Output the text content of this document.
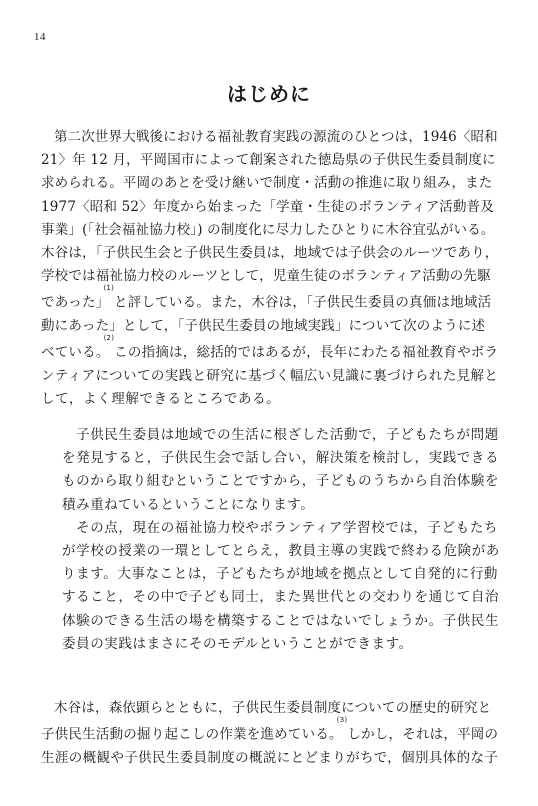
14
はじめに
第二次世界大戦後における福祉教育実践の源流のひとつは，1946〈昭和
21〉年 12 月，平岡国市によって創案された徳島県の子供民生委員制度に
求められる。平岡のあとを受け継いで制度・活動の推進に取り組み，また
1977〈昭和 52〉年度から始まった「学童・生徒のボランティア活動普及
事業」(「社会福祉協力校」) の制度化に尽力したひとりに木谷宜弘がいる。
木谷は，「子供民生会と子供民生委員は，地域では子供会のルーツであり，
学校では福祉協力校のルーツとして，児童生徒のボランティア活動の先駆
であった」$^{(1)}$と評している。また，木谷は，「子供民生委員の真価は地域活
動にあった」として，「子供民生委員の地域実践」について次のように述
べている。$^{(2)}$この指摘は，総括的ではあるが，長年にわたる福祉教育やボラ
ンティアについての実践と研究に基づく幅広い見識に裏づけられた見解と
して，よく理解できるところである。
　子供民生委員は地域での生活に根ざした活動で，子どもたちが問題
を発見すると，子供民生会で話し合い，解決策を検討し，実践できる
ものから取り組むということですから，子どものうちから自治体験を
積み重ねているということになります。
　その点，現在の福祉協力校やボランティア学習校では，子どもたち
が学校の授業の一環としてとらえ，教員主導の実践で終わる危険があ
ります。大事なことは，子どもたちが地域を拠点として自発的に行動
すること，その中で子ども同士，また異世代との交わりを通じて自治
体験のできる生活の場を構築することではないでしょうか。子供民生
委員の実践はまさにそのモデルということができます。
木谷は，森依顕らとともに，子供民生委員制度についての歴史的研究と
子供民生活動の掘り起こしの作業を進めている。$^{(3)}$しかし，それは，平岡の
生涯の概観や子供民生委員制度の概説にとどまりがちで，個別具体的な子
